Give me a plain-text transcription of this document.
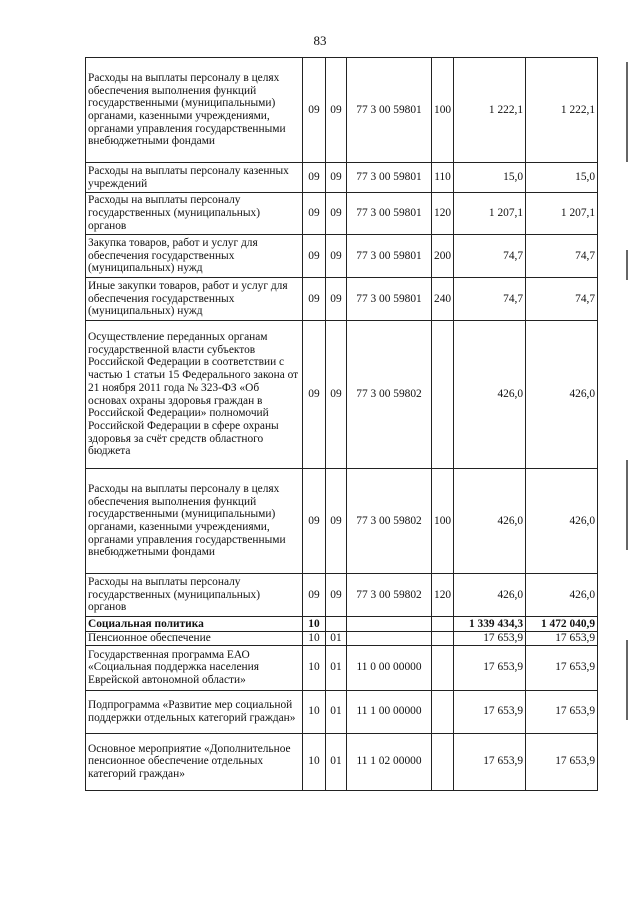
83
Расходы на выплаты персоналу в целях обеспечения выполнения функций государственными (муниципальными) органами, казенными учреждениями, органами управления государственными внебюджетными фондами	09	09	77 3 00 59801	100	1 222,1	1 222,1
Расходы на выплаты персоналу казенных учреждений	09	09	77 3 00 59801	110	15,0	15,0
Расходы на выплаты персоналу государственных (муниципальных) органов	09	09	77 3 00 59801	120	1 207,1	1 207,1
Закупка товаров, работ и услуг для обеспечения государственных (муниципальных) нужд	09	09	77 3 00 59801	200	74,7	74,7
Иные закупки товаров, работ и услуг для обеспечения государственных (муниципальных) нужд	09	09	77 3 00 59801	240	74,7	74,7
Осуществление переданных органам государственной власти субъектов Российской Федерации в соответствии с частью 1 статьи 15 Федерального закона от 21 ноября 2011 года № 323-ФЗ «Об основах охраны здоровья граждан в Российской Федерации» полномочий Российской Федерации в сфере охраны здоровья за счёт средств областного бюджета	09	09	77 3 00 59802		426,0	426,0
Расходы на выплаты персоналу в целях обеспечения выполнения функций государственными (муниципальными) органами, казенными учреждениями, органами управления государственными внебюджетными фондами	09	09	77 3 00 59802	100	426,0	426,0
Расходы на выплаты персоналу государственных (муниципальных) органов	09	09	77 3 00 59802	120	426,0	426,0
Социальная политика	10				1 339 434,3	1 472 040,9
Пенсионное обеспечение	10	01			17 653,9	17 653,9
Государственная программа ЕАО «Социальная поддержка населения Еврейской автономной области»	10	01	11 0 00 00000		17 653,9	17 653,9
Подпрограмма «Развитие мер социальной поддержки отдельных категорий граждан»	10	01	11 1 00 00000		17 653,9	17 653,9
Основное мероприятие «Дополнительное пенсионное обеспечение отдельных категорий граждан»	10	01	11 1 02 00000		17 653,9	17 653,9
